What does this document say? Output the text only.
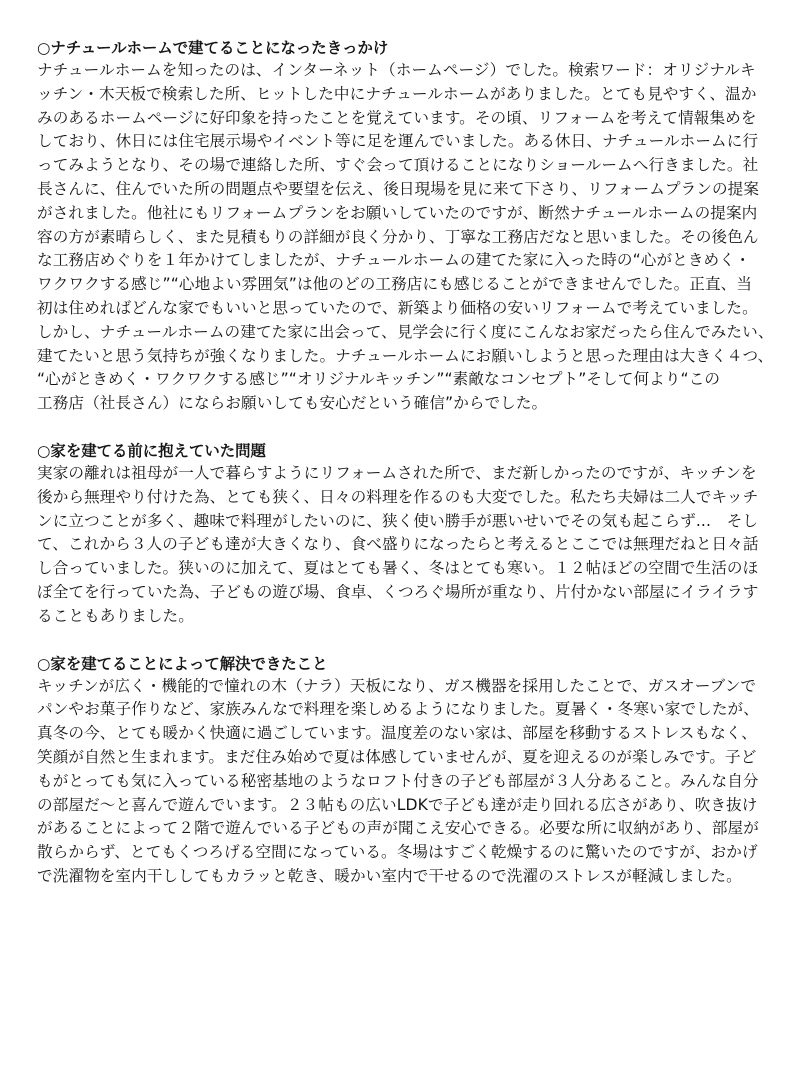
○ナチュールホームで建てることになったきっかけ
ナチュールホームを知ったのは、インターネット（ホームページ）でした。検索ワード：オリジナルキ
ッチン・木天板で検索した所、ヒットした中にナチュールホームがありました。とても見やすく、温か
みのあるホームページに好印象を持ったことを覚えています。その頃、リフォームを考えて情報集めを
しており、休日には住宅展示場やイベント等に足を運んでいました。ある休日、ナチュールホームに行
ってみようとなり、その場で連絡した所、すぐ会って頂けることになりショールームへ行きました。社
長さんに、住んでいた所の問題点や要望を伝え、後日現場を見に来て下さり、リフォームプランの提案
がされました。他社にもリフォームプランをお願いしていたのですが、断然ナチュールホームの提案内
容の方が素晴らしく、また見積もりの詳細が良く分かり、丁寧な工務店だなと思いました。その後色ん
な工務店めぐりを１年かけてしましたが、ナチュールホームの建てた家に入った時の“心がときめく・
ワクワクする感じ”“心地よい雰囲気”は他のどの工務店にも感じることができませんでした。正直、当
初は住めればどんな家でもいいと思っていたので、新築より価格の安いリフォームで考えていました。
しかし、ナチュールホームの建てた家に出会って、見学会に行く度にこんなお家だったら住んでみたい、
建てたいと思う気持ちが強くなりました。ナチュールホームにお願いしようと思った理由は大きく４つ、
“心がときめく・ワクワクする感じ”“オリジナルキッチン”“素敵なコンセプト”そして何より“この
工務店（社長さん）にならお願いしても安心だという確信”からでした。
○家を建てる前に抱えていた問題
実家の離れは祖母が一人で暮らすようにリフォームされた所で、まだ新しかったのですが、キッチンを
後から無理やり付けた為、とても狭く、日々の料理を作るのも大変でした。私たち夫婦は二人でキッチ
ンに立つことが多く、趣味で料理がしたいのに、狭く使い勝手が悪いせいでその気も起こらず...　そし
て、これから３人の子ども達が大きくなり、食べ盛りになったらと考えるとここでは無理だねと日々話
し合っていました。狭いのに加えて、夏はとても暑く、冬はとても寒い。１２帖ほどの空間で生活のほ
ぼ全てを行っていた為、子どもの遊び場、食卓、くつろぐ場所が重なり、片付かない部屋にイライラす
ることもありました。
○家を建てることによって解決できたこと
キッチンが広く・機能的で憧れの木（ナラ）天板になり、ガス機器を採用したことで、ガスオーブンで
パンやお菓子作りなど、家族みんなで料理を楽しめるようになりました。夏暑く・冬寒い家でしたが、
真冬の今、とても暖かく快適に過ごしています。温度差のない家は、部屋を移動するストレスもなく、
笑顔が自然と生まれます。まだ住み始めで夏は体感していませんが、夏を迎えるのが楽しみです。子ど
もがとっても気に入っている秘密基地のようなロフト付きの子ども部屋が３人分あること。みんな自分
の部屋だ～と喜んで遊んでいます。２３帖もの広いLDKで子ども達が走り回れる広さがあり、吹き抜け
があることによって２階で遊んでいる子どもの声が聞こえ安心できる。必要な所に収納があり、部屋が
散らからず、とてもくつろげる空間になっている。冬場はすごく乾燥するのに驚いたのですが、おかげ
で洗濯物を室内干ししてもカラッと乾き、暖かい室内で干せるので洗濯のストレスが軽減しました。
